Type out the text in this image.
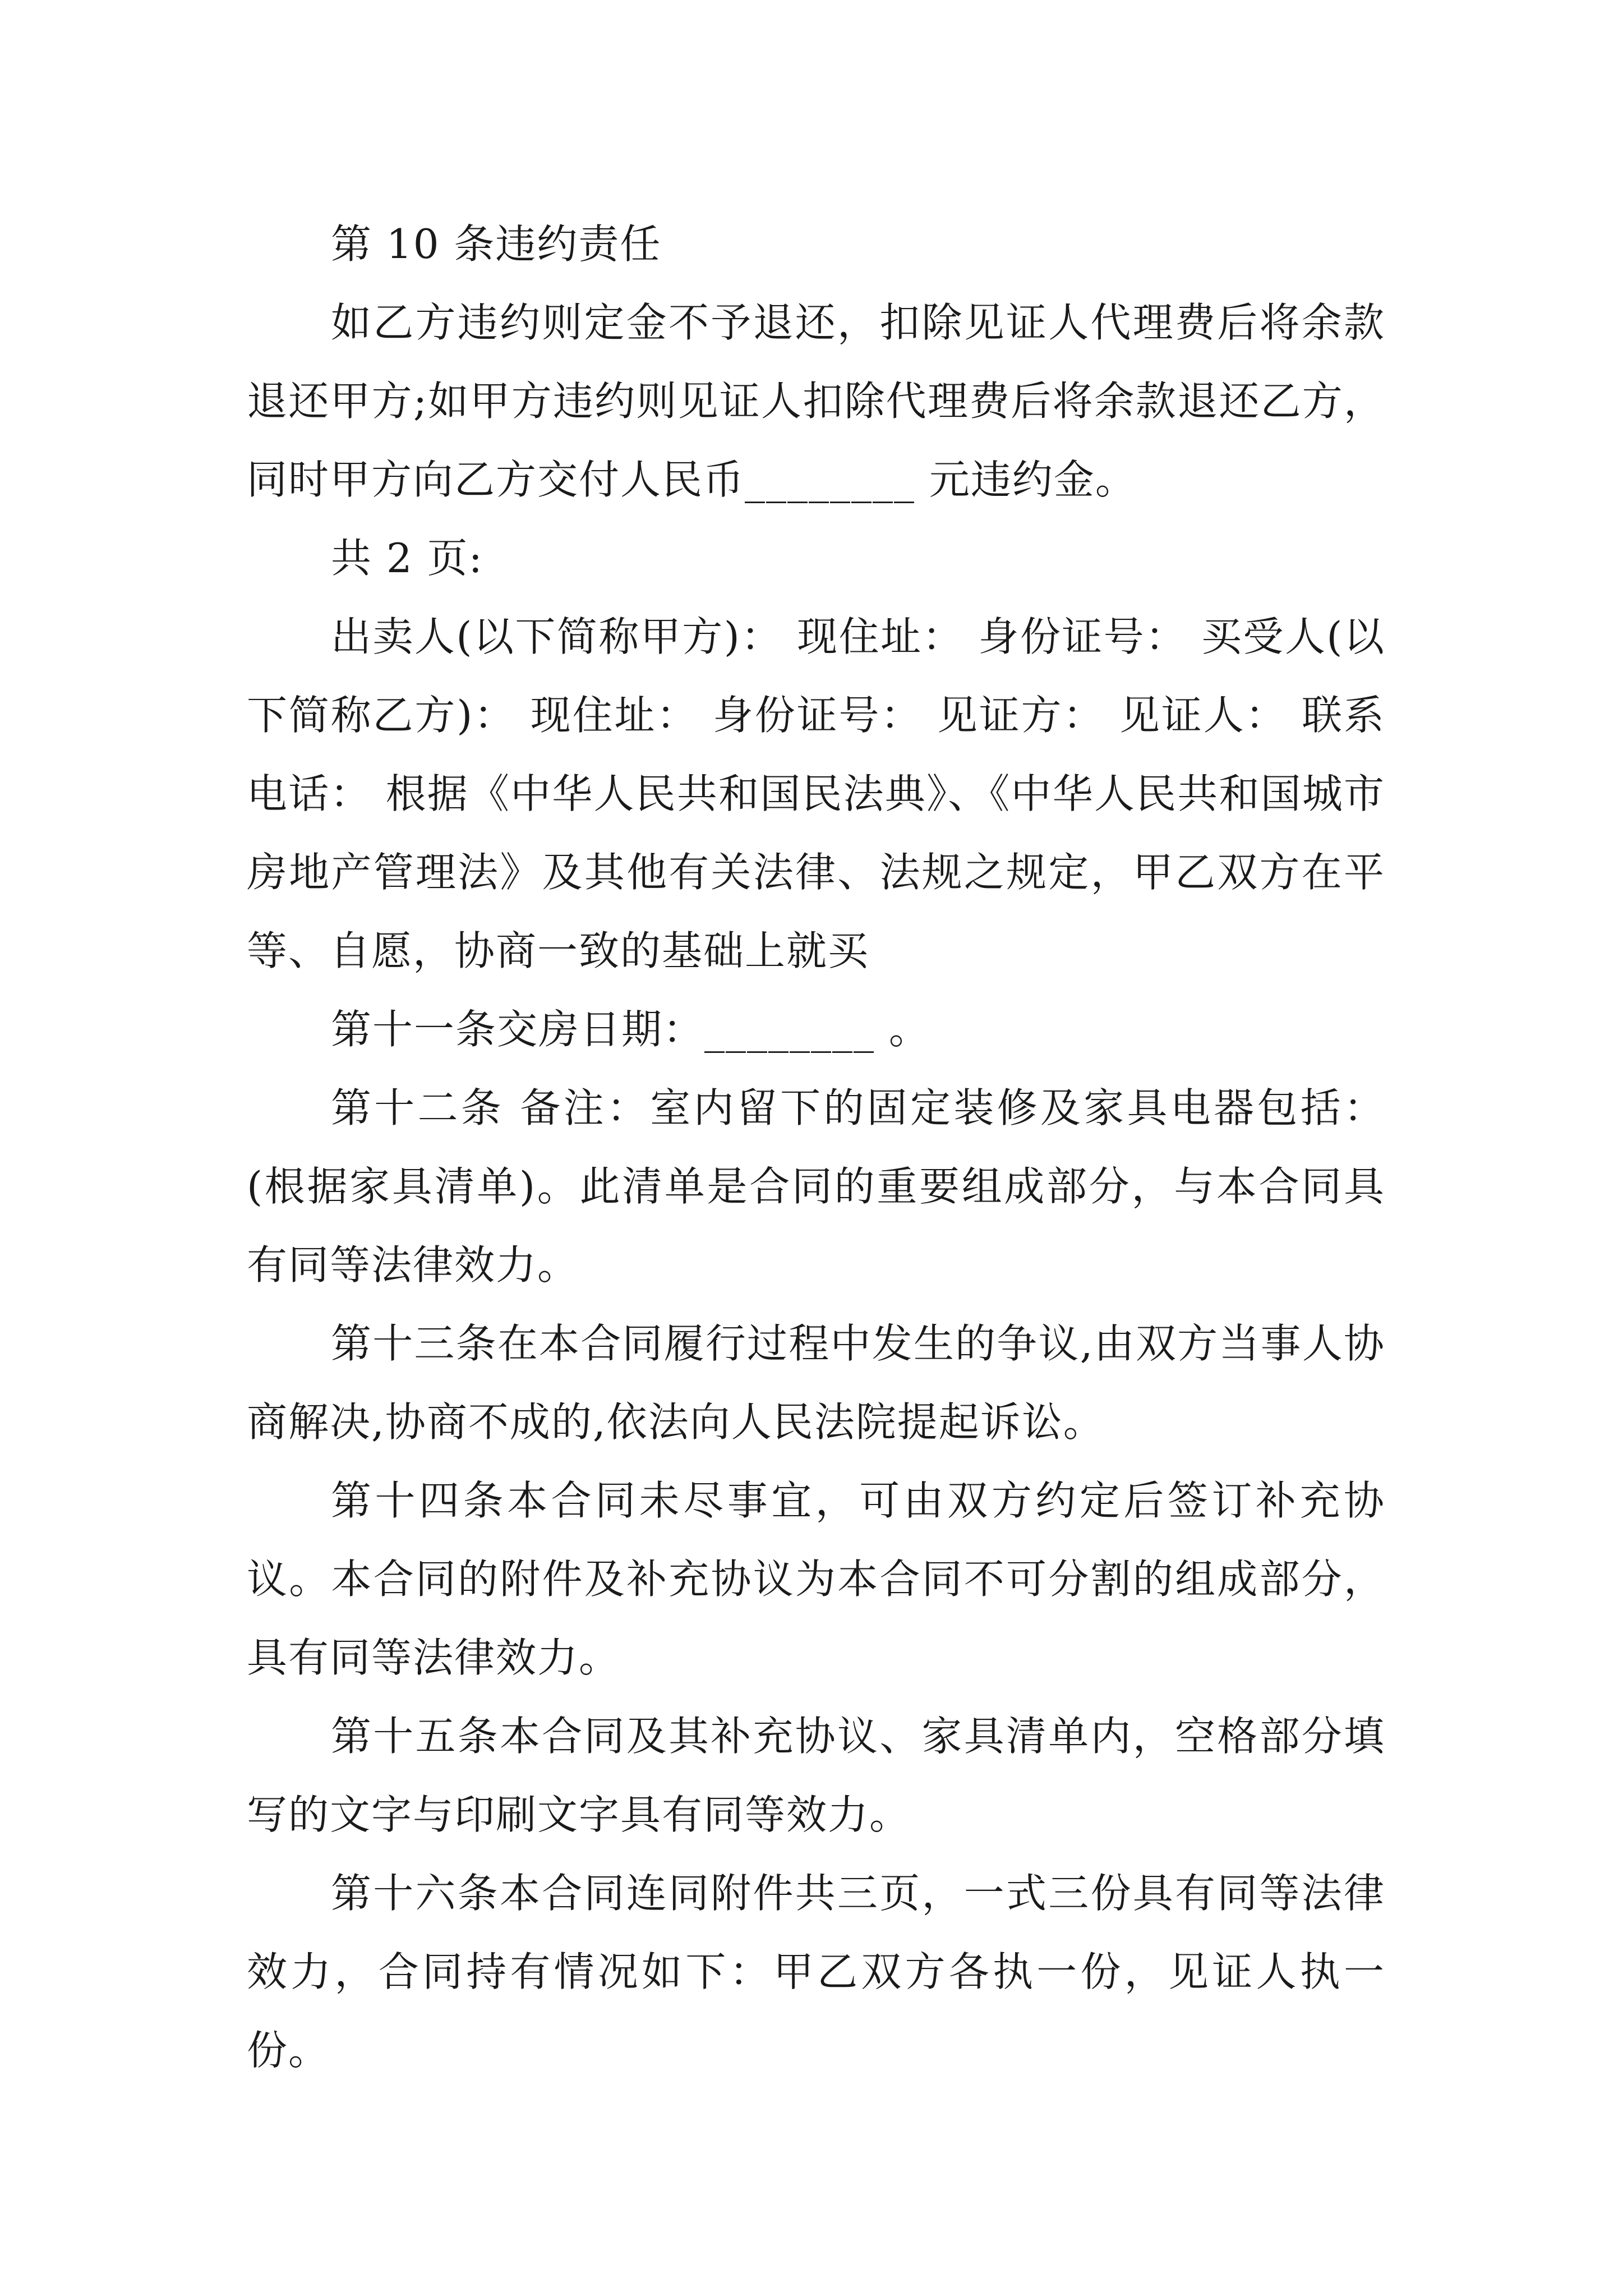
第 10 条违约责任

如乙方违约则定金不予退还，扣除见证人代理费后将余款退还甲方;如甲方违约则见证人扣除代理费后将余款退还乙方，同时甲方向乙方交付人民币________ 元违约金。

共 2 页:

出卖人(以下简称甲方)： 现住址： 身份证号： 买受人(以下简称乙方)： 现住址： 身份证号： 见证方： 见证人： 联系电话： 根据《中华人民共和国民法典》、《中华人民共和国城市房地产管理法》及其他有关法律、法规之规定，甲乙双方在平等、自愿，协商一致的基础上就买

第十一条交房日期：________ 。

第十二条 备注：室内留下的固定装修及家具电器包括：(根据家具清单)。此清单是合同的重要组成部分，与本合同具有同等法律效力。

第十三条在本合同履行过程中发生的争议,由双方当事人协商解决,协商不成的,依法向人民法院提起诉讼。

第十四条本合同未尽事宜，可由双方约定后签订补充协议。本合同的附件及补充协议为本合同不可分割的组成部分，具有同等法律效力。

第十五条本合同及其补充协议、家具清单内，空格部分填写的文字与印刷文字具有同等效力。

第十六条本合同连同附件共三页，一式三份具有同等法律效力，合同持有情况如下：甲乙双方各执一份，见证人执一份。
